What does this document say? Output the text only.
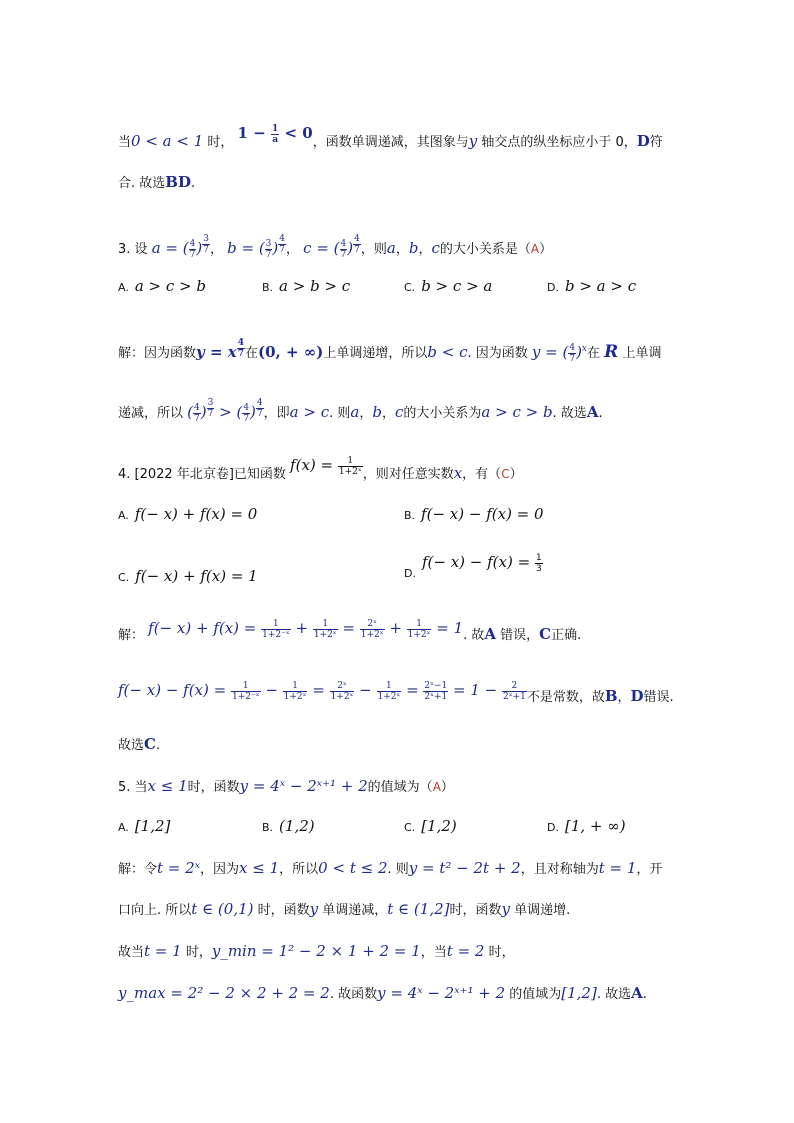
当0 < a < 1 时， $1 - \frac{1}{a} < 0$，函数单调递减，其图象与y 轴交点的纵坐标应小于 0，D符
合. 故选BD.
3. 设 a = ( $\frac{4}{7}$ ) $^{\frac{3}{7}}$ ， b = ( $\frac{3}{7}$ ) $^{\frac{4}{7}}$ ， c = ( $\frac{4}{7}$ ) $^{\frac{4}{7}}$ ，则a，b，c的大小关系是（A）
A. a > c > b	B. a > b > c	C. b > c > a	D. b > a > c
解：因为函数y = x $^{\frac{4}{7}}$ 在(0, + ∞)上单调递增，所以b < c. 因为函数 y = ( $\frac{4}{7} )^x$在 R 上单调
递减，所以 ( $\frac{4}{7}$ ) $^{\frac{3}{7}}$ > ( $\frac{4}{7}$ ) $^{\frac{4}{7}}$ ，即a > c. 则a，b，c的大小关系为a > c > b. 故选A.
4. [2022 年北京卷]已知函数 $f(x) = \frac{1}{\text{1+2ˣ}}$ ，则对任意实数x，有（C）
A. f(− x) + f(x) = 0	B. f(− x) − f(x) = 0
C. f(− x) + f(x) = 1	$D.f(- x) - f(x) = \frac{1}{3}$
解： $f(- x) + f(x) = \frac{1}{\text{1+2⁻ˣ}} + \frac{1}{\text{1+2ˣ}} = \frac{\text{2ˣ}}{\text{1+2ˣ}} + \frac{1}{\text{1+2ˣ}} = 1$. 故A 错误，C正确.
$f(- x) - f(x) = \frac{1}{\text{1+2⁻ˣ}} - \frac{1}{\text{1+2ˣ}} = \frac{\text{2ˣ}}{\text{1+2ˣ}} - \frac{1}{\text{1+2ˣ}} = \frac{\text{2ˣ−1}}{\text{2ˣ+1}} = 1 - \frac{2}{\text{2ˣ+1}}$ 不是常数，故B，D错误.
故选C.
5. 当x ≤ 1时，函数y = 4ˣ − 2ˣ⁺¹ + 2的值域为（A）
A. [1,2]	B. (1,2)	C. [1,2)	D. [1, + ∞)
解：令t = 2ˣ，因为x ≤ 1，所以0 < t ≤ 2. 则y = t² − 2t + 2，且对称轴为t = 1，开
口向上. 所以t ∈ (0,1) 时，函数y 单调递减，t ∈ (1,2]时，函数y 单调递增.
故当t = 1 时，y_min = 1² − 2 × 1 + 2 = 1，当t = 2 时，
y_max = 2² − 2 × 2 + 2 = 2. 故函数y = 4ˣ − 2ˣ⁺¹ + 2 的值域为[1,2]. 故选A.
